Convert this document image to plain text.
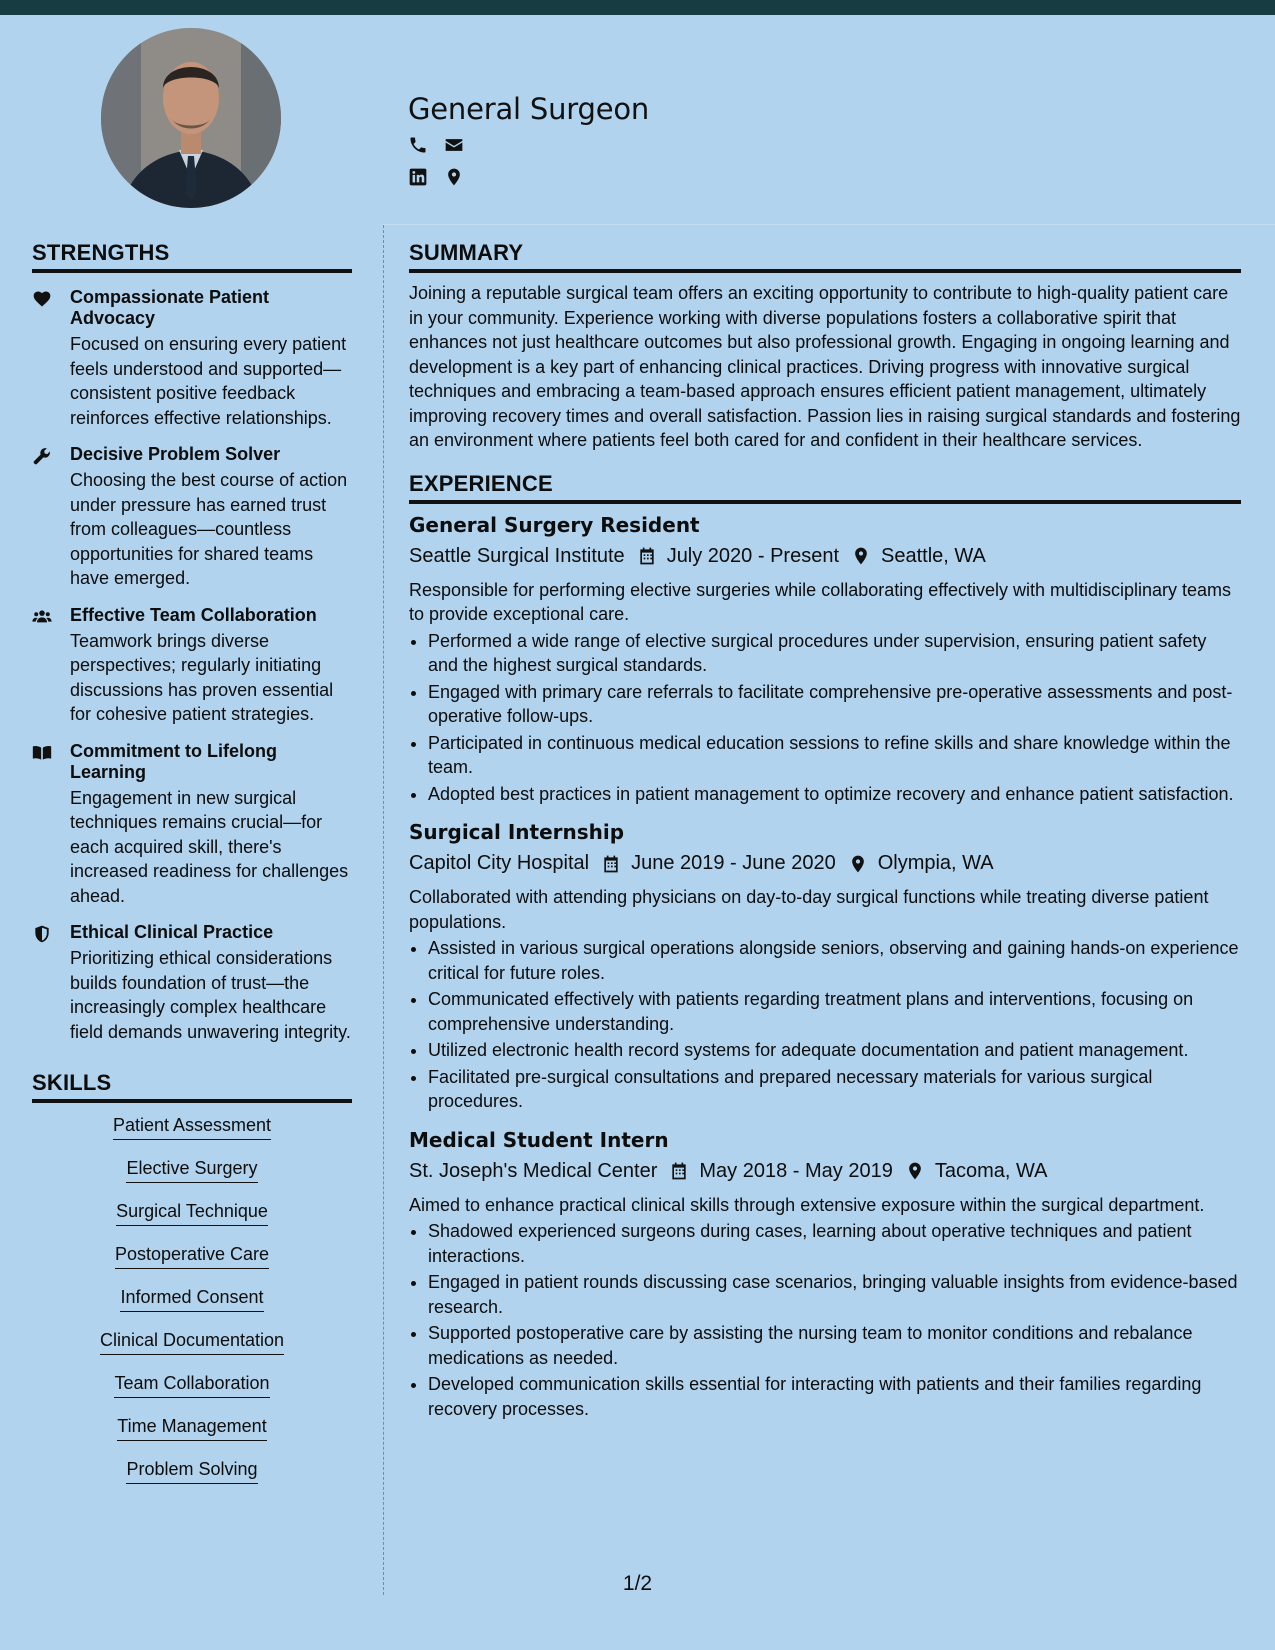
General Surgeon
STRENGTHS
Compassionate Patient Advocacy
Focused on ensuring every patient feels understood and supported—consistent positive feedback reinforces effective relationships.
Decisive Problem Solver
Choosing the best course of action under pressure has earned trust from colleagues—countless opportunities for shared teams have emerged.
Effective Team Collaboration
Teamwork brings diverse perspectives; regularly initiating discussions has proven essential for cohesive patient strategies.
Commitment to Lifelong Learning
Engagement in new surgical techniques remains crucial—for each acquired skill, there's increased readiness for challenges ahead.
Ethical Clinical Practice
Prioritizing ethical considerations builds foundation of trust—the increasingly complex healthcare field demands unwavering integrity.
SKILLS
Patient Assessment
Elective Surgery
Surgical Technique
Postoperative Care
Informed Consent
Clinical Documentation
Team Collaboration
Time Management
Problem Solving
SUMMARY

Joining a reputable surgical team offers an exciting opportunity to contribute to high-quality patient care in your community. Experience working with diverse populations fosters a collaborative spirit that enhances not just healthcare outcomes but also professional growth. Engaging in ongoing learning and development is a key part of enhancing clinical practices. Driving progress with innovative surgical techniques and embracing a team-based approach ensures efficient patient management, ultimately improving recovery times and overall satisfaction. Passion lies in raising surgical standards and fostering an environment where patients feel both cared for and confident in their healthcare services.

EXPERIENCE
General Surgery Resident
Seattle Surgical Institute July 2020 - Present Seattle, WA
Responsible for performing elective surgeries while collaborating effectively with multidisciplinary teams to provide exceptional care.
• Performed a wide range of elective surgical procedures under supervision, ensuring patient safety and the highest surgical standards.
• Engaged with primary care referrals to facilitate comprehensive pre-operative assessments and post-operative follow-ups.
• Participated in continuous medical education sessions to refine skills and share knowledge within the team.
• Adopted best practices in patient management to optimize recovery and enhance patient satisfaction.
Surgical Internship
Capitol City Hospital June 2019 - June 2020 Olympia, WA
Collaborated with attending physicians on day-to-day surgical functions while treating diverse patient populations.
• Assisted in various surgical operations alongside seniors, observing and gaining hands-on experience critical for future roles.
• Communicated effectively with patients regarding treatment plans and interventions, focusing on comprehensive understanding.
• Utilized electronic health record systems for adequate documentation and patient management.
• Facilitated pre-surgical consultations and prepared necessary materials for various surgical procedures.
Medical Student Intern
St. Joseph's Medical Center May 2018 - May 2019 Tacoma, WA
Aimed to enhance practical clinical skills through extensive exposure within the surgical department.
• Shadowed experienced surgeons during cases, learning about operative techniques and patient interactions.
• Engaged in patient rounds discussing case scenarios, bringing valuable insights from evidence-based research.
• Supported postoperative care by assisting the nursing team to monitor conditions and rebalance medications as needed.
• Developed communication skills essential for interacting with patients and their families regarding recovery processes.
1/2
